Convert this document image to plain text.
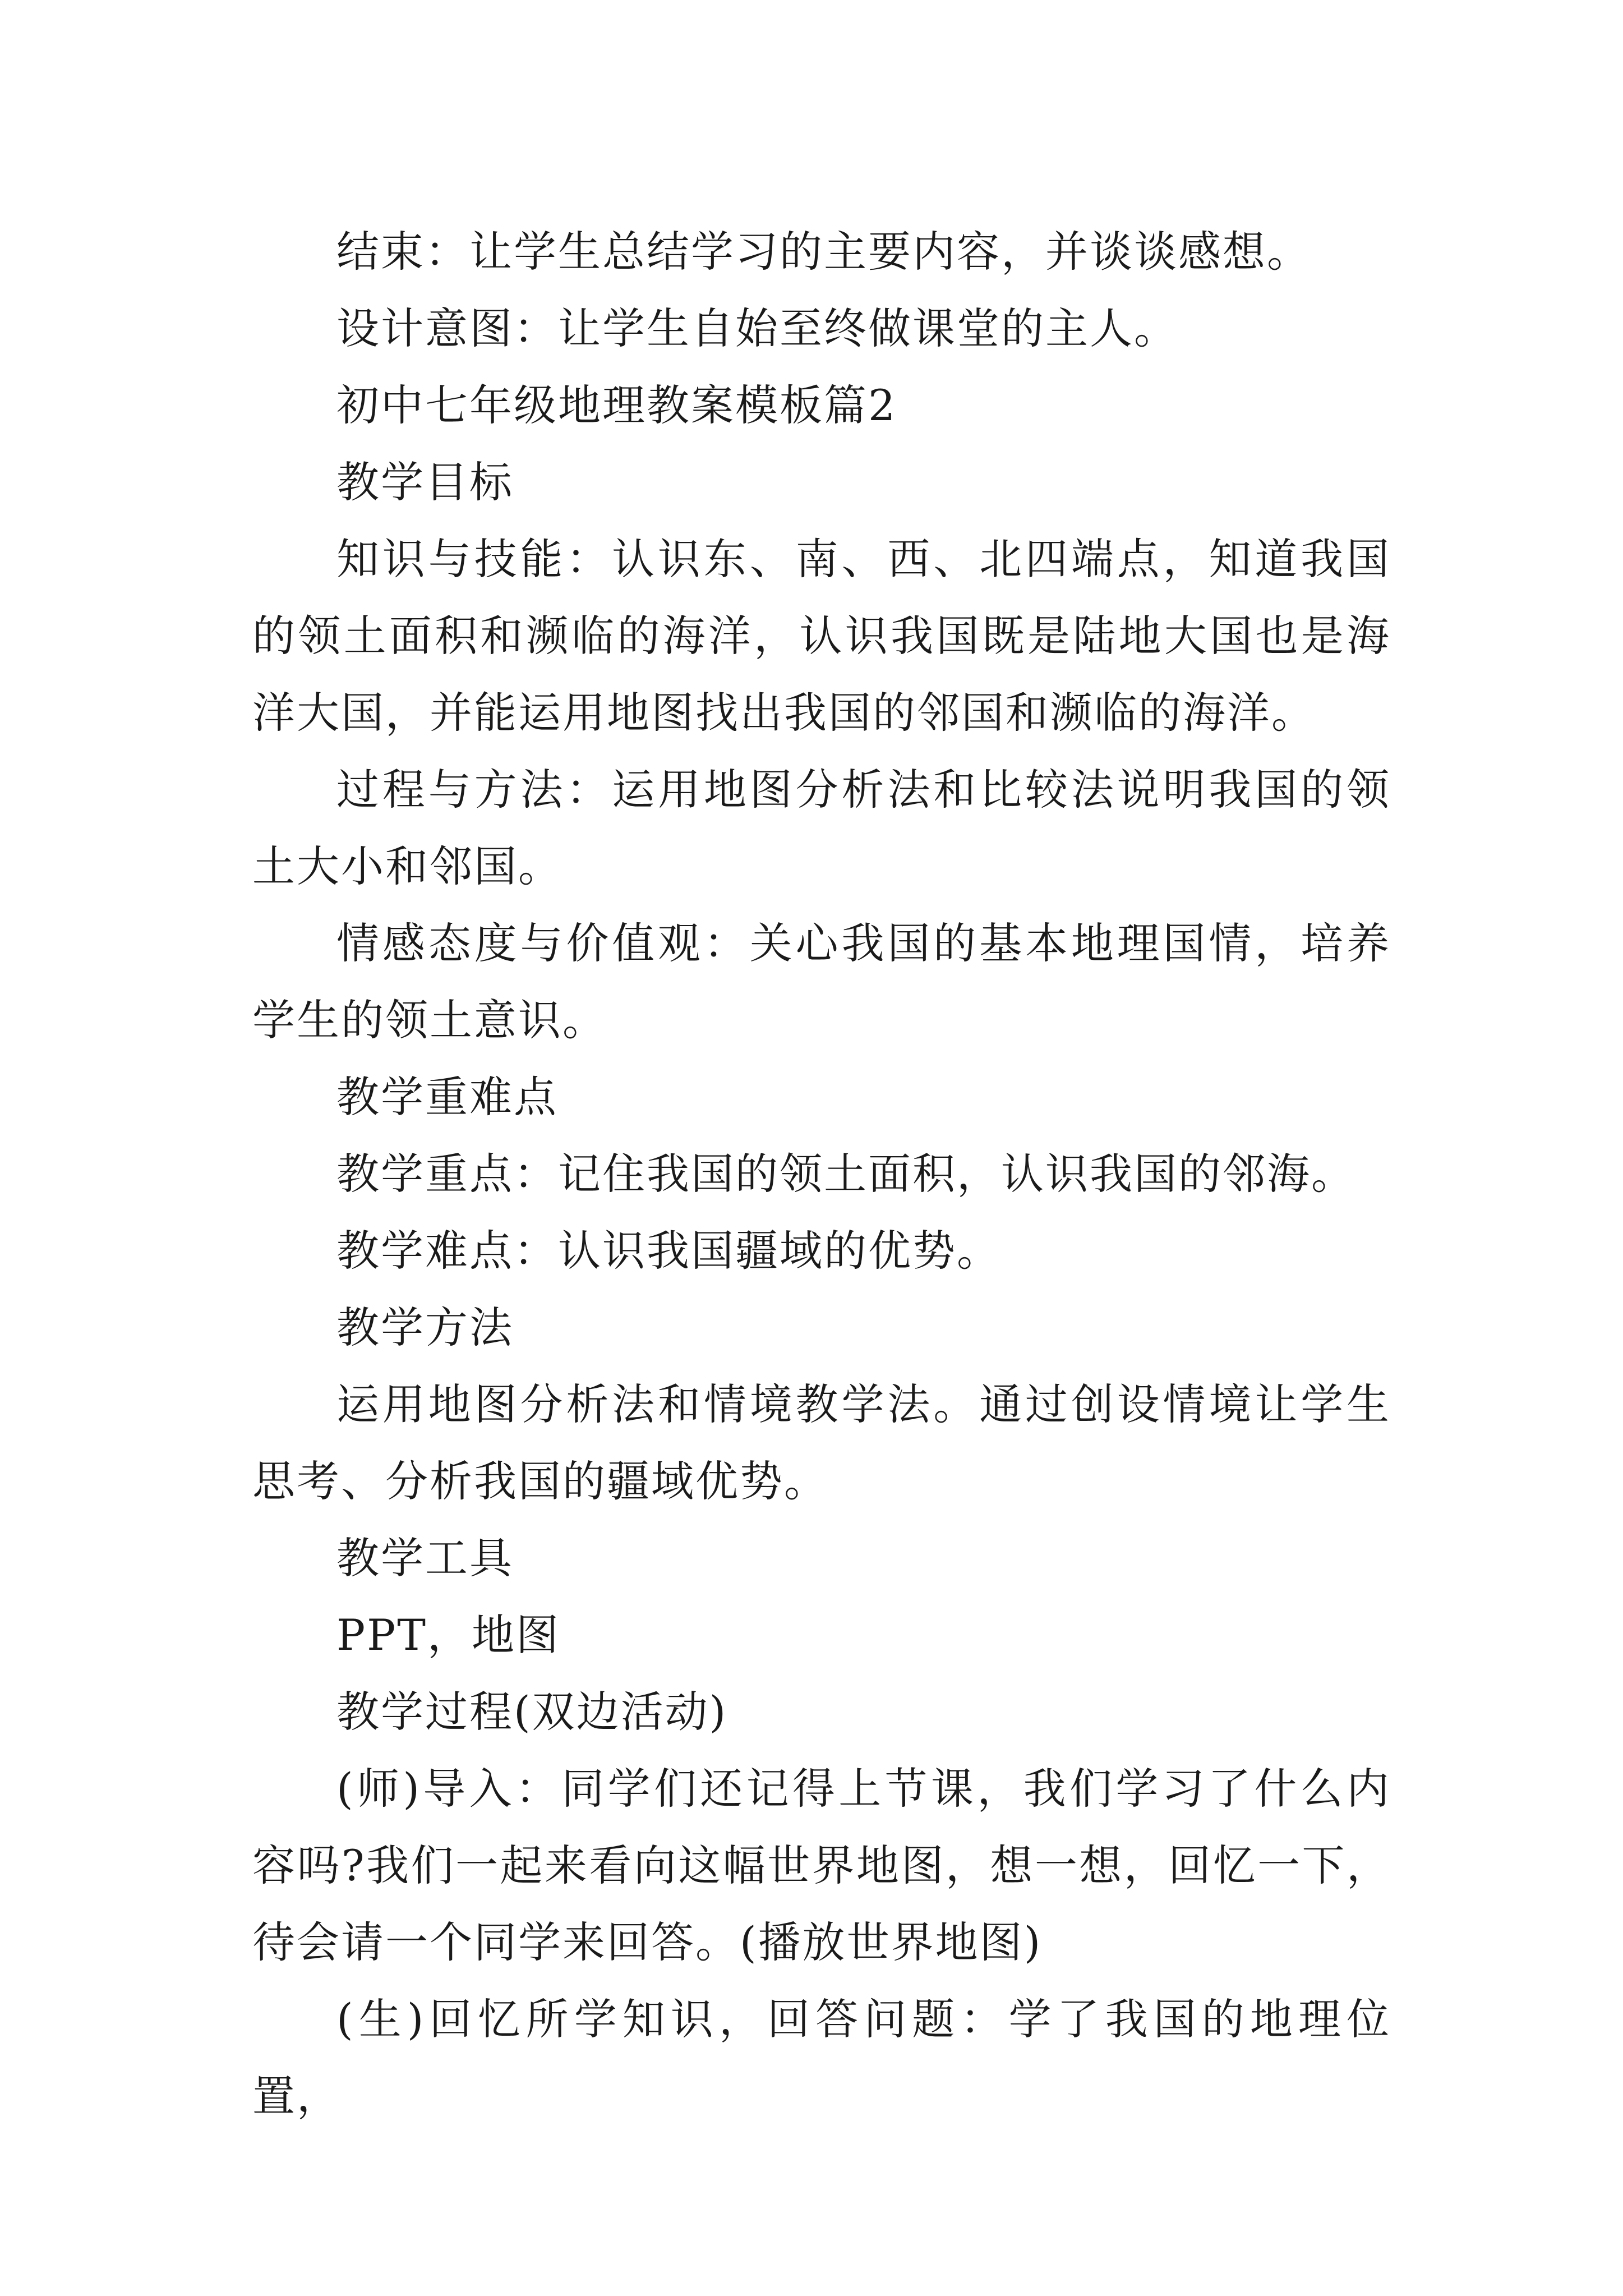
结束：让学生总结学习的主要内容，并谈谈感想。

设计意图：让学生自始至终做课堂的主人。

初中七年级地理教案模板篇2

教学目标

知识与技能：认识东、南、西、北四端点，知道我国的领土面积和濒临的海洋，认识我国既是陆地大国也是海洋大国，并能运用地图找出我国的邻国和濒临的海洋。

过程与方法：运用地图分析法和比较法说明我国的领土大小和邻国。

情感态度与价值观：关心我国的基本地理国情，培养学生的领土意识。

教学重难点

教学重点：记住我国的领土面积，认识我国的邻海。

教学难点：认识我国疆域的优势。

教学方法

运用地图分析法和情境教学法。通过创设情境让学生思考、分析我国的疆域优势。

教学工具

PPT，地图

教学过程(双边活动)

(师)导入：同学们还记得上节课，我们学习了什么内容吗?我们一起来看向这幅世界地图，想一想，回忆一下，待会请一个同学来回答。(播放世界地图)

(生)回忆所学知识，回答问题：学了我国的地理位置，
